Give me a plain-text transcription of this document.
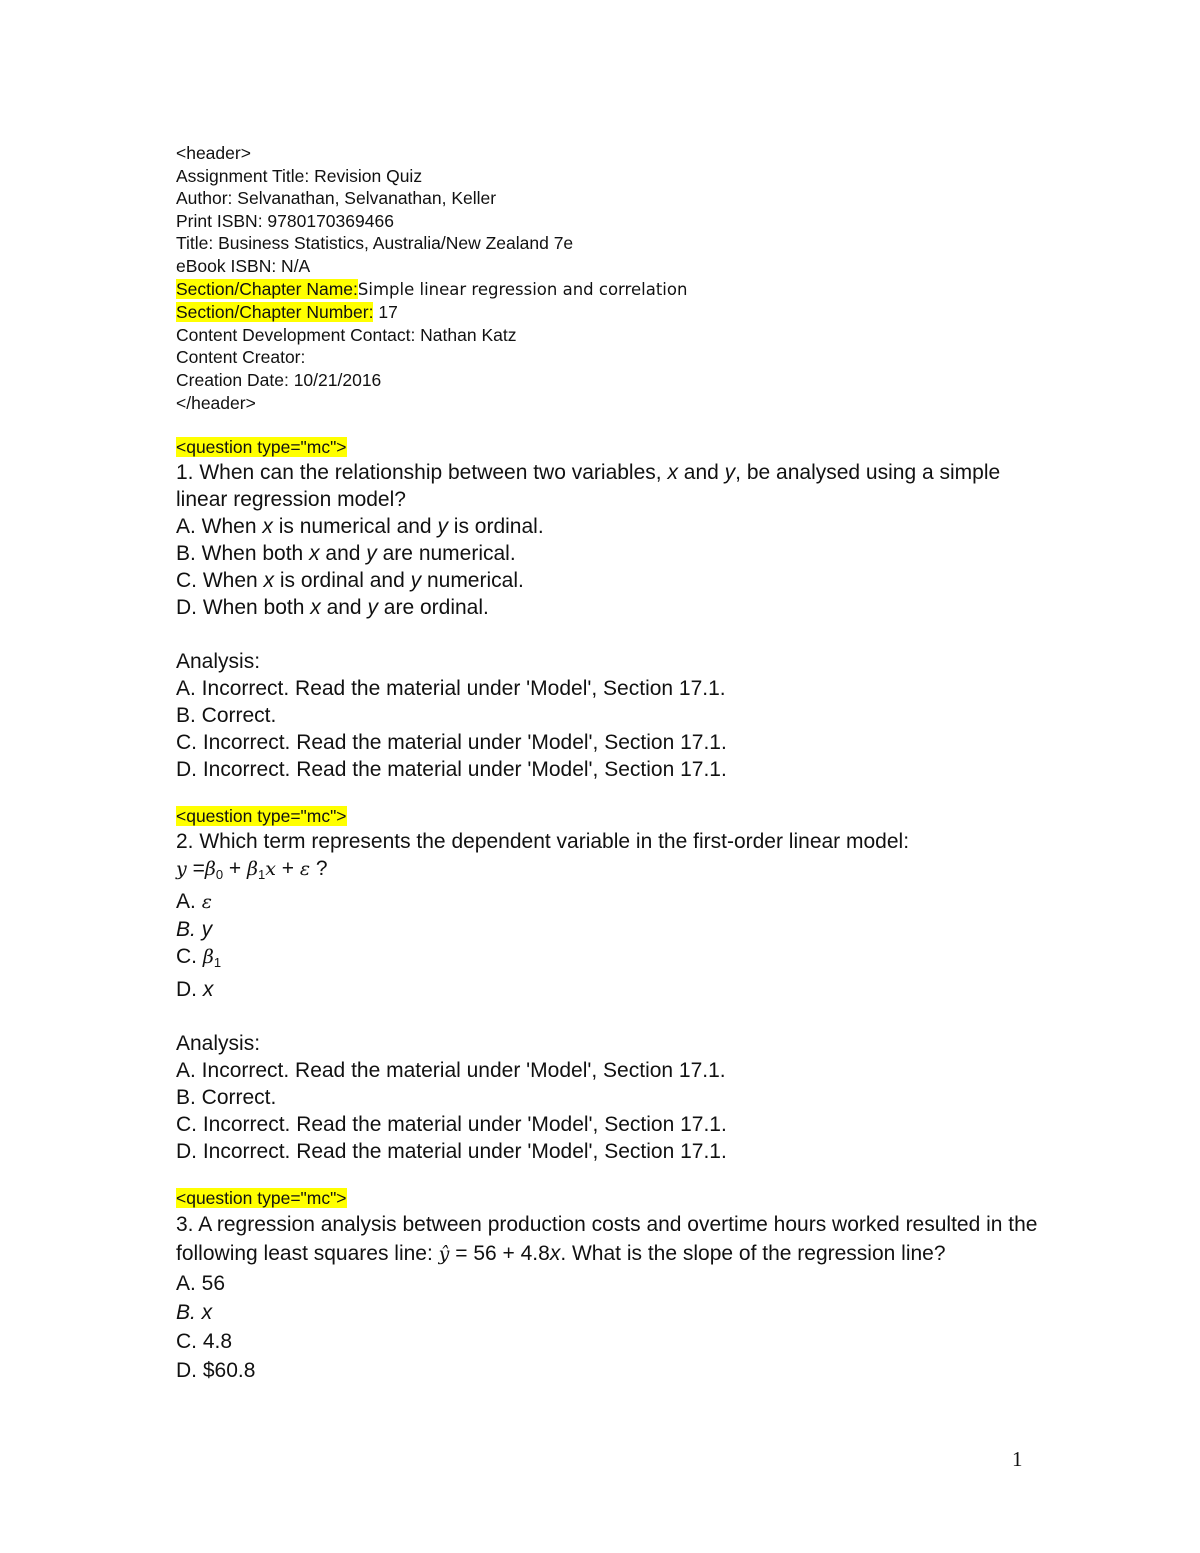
<header>
Assignment Title: Revision Quiz
Author: Selvanathan, Selvanathan, Keller
Print ISBN: 9780170369466
Title: Business Statistics, Australia/New Zealand 7e
eBook ISBN: N/A
Section/Chapter Name:Simple linear regression and correlation
Section/Chapter Number: 17
Content Development Contact: Nathan Katz
Content Creator:
Creation Date: 10/21/2016
</header>
<question type="mc">

1. When can the relationship between two variables, x and y, be analysed using a simple linear regression model?

A. When x is numerical and y is ordinal.

B. When both x and y are numerical.

C. When x is ordinal and y numerical.

D. When both x and y are ordinal.

Analysis:

A. Incorrect. Read the material under 'Model', Section 17.1.

B. Correct.

C. Incorrect. Read the material under 'Model', Section 17.1.

D. Incorrect. Read the material under 'Model', Section 17.1.

<question type="mc">

2. Which term represents the dependent variable in the first-order linear model:

$y =\beta_0 + \beta_1x + \varepsilon$ ?

A. ε

B. y

C. $\beta_1$

D. x

Analysis:

A. Incorrect. Read the material under 'Model', Section 17.1.

B. Correct.

C. Incorrect. Read the material under 'Model', Section 17.1.

D. Incorrect. Read the material under 'Model', Section 17.1.

<question type="mc">

3. A regression analysis between production costs and overtime hours worked resulted in the following least squares line: ŷ = 56 + 4.8x. What is the slope of the regression line?

A. 56

B. x

C. 4.8

D. $60.8

1
